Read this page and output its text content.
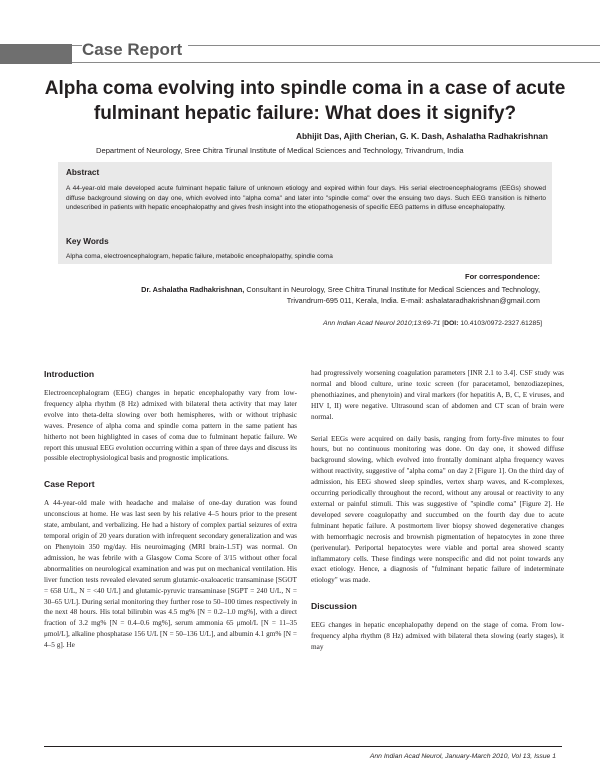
Case Report
Alpha coma evolving into spindle coma in a case of acute fulminant hepatic failure: What does it signify?
Abhijit Das, Ajith Cherian, G. K. Dash, Ashalatha Radhakrishnan
Department of Neurology, Sree Chitra Tirunal Institute of Medical Sciences and Technology, Trivandrum, India
Abstract
A 44-year-old male developed acute fulminant hepatic failure of unknown etiology and expired within four days. His serial electroencephalograms (EEGs) showed diffuse background slowing on day one, which evolved into "alpha coma" and later into "spindle coma" over the ensuing two days. Such EEG transition is hitherto undescribed in patients with hepatic encephalopathy and gives fresh insight into the etiopathogenesis of specific EEG patterns in diffuse encephalopathy.
Key Words
Alpha coma, electroencephalogram, hepatic failure, metabolic encephalopathy, spindle coma
For correspondence:
Dr. Ashalatha Radhakrishnan, Consultant in Neurology, Sree Chitra Tirunal Institute for Medical Sciences and Technology,
Trivandrum-695 011, Kerala, India. E-mail: ashalataradhakrishnan@gmail.com
Ann Indian Acad Neurol 2010;13:69-71 [DOI: 10.4103/0972-2327.61285]
Introduction

Electroencephalogram (EEG) changes in hepatic encephalopathy vary from low-frequency alpha rhythm (8 Hz) admixed with bilateral theta activity that may later evolve into theta-delta slowing over both hemispheres, with or without triphasic waves. Presence of alpha coma and spindle coma pattern in the same patient has hitherto not been highlighted in cases of coma due to fulminant hepatic failure. We report this unusual EEG evolution occurring within a span of three days and discuss its possible electrophysiological basis and prognostic implications.

Case Report

A 44-year-old male with headache and malaise of one-day duration was found unconscious at home. He was last seen by his relative 4–5 hours prior to the present state, ambulant, and verbalizing. He had a history of complex partial seizures of extra temporal origin of 20 years duration with infrequent secondary generalization and was on Phenytoin 350 mg/day. His neuroimaging (MRI brain-1.5T) was normal. On admission, he was febrile with a Glasgow Coma Score of 3/15 without other focal abnormalities on neurological examination and was put on mechanical ventilation. His liver function tests revealed elevated serum glutamic-oxaloacetic transaminase [SGOT = 658 U/L, N = <40 U/L] and glutamic-pyruvic transaminase [SGPT = 240 U/L, N = 30–65 U/L]. During serial monitoring they further rose to 50–100 times respectively in the next 48 hours. His total bilirubin was 4.5 mg% [N = 0.2–1.0 mg%], with a direct fraction of 3.2 mg% [N = 0.4–0.6 mg%], serum ammonia 65 μmol/L [N = 11–35 μmol/L], alkaline phosphatase 156 U/L [N = 50–136 U/L], and albumin 4.1 gm% [N = 4–5 g]. He

had progressively worsening coagulation parameters [INR 2.1 to 3.4]. CSF study was normal and blood culture, urine toxic screen (for paracetamol, benzodiazepines, phenothiazines, and phenytoin) and viral markers (for hepatitis A, B, C, E viruses, and HIV I, II) were negative. Ultrasound scan of abdomen and CT scan of brain were normal.

Serial EEGs were acquired on daily basis, ranging from forty-five minutes to four hours, but no continuous monitoring was done. On day one, it showed diffuse background slowing, which evolved into frontally dominant alpha frequency waves without reactivity, suggestive of "alpha coma" on day 2 [Figure 1]. On the third day of admission, his EEG showed sleep spindles, vertex sharp waves, and K-complexes, occurring periodically throughout the record, without any arousal or reactivity to any external or painful stimuli. This was suggestive of "spindle coma" [Figure 2]. He developed severe coagulopathy and succumbed on the fourth day due to acute fulminant hepatic failure. A postmortem liver biopsy showed degenerative changes with hemorrhagic necrosis and brownish pigmentation of hepatocytes in zone three (perivenular). Periportal hepatocytes were viable and portal area showed scanty inflammatory cells. These findings were nonspecific and did not point towards any exact etiology. Hence, a diagnosis of "fulminant hepatic failure of indeterminate etiology" was made.

Discussion

EEG changes in hepatic encephalopathy depend on the stage of coma. From low-frequency alpha rhythm (8 Hz) admixed with bilateral theta slowing (early stages), it may

Ann Indian Acad Neurol, January-March 2010, Vol 13, Issue 1
